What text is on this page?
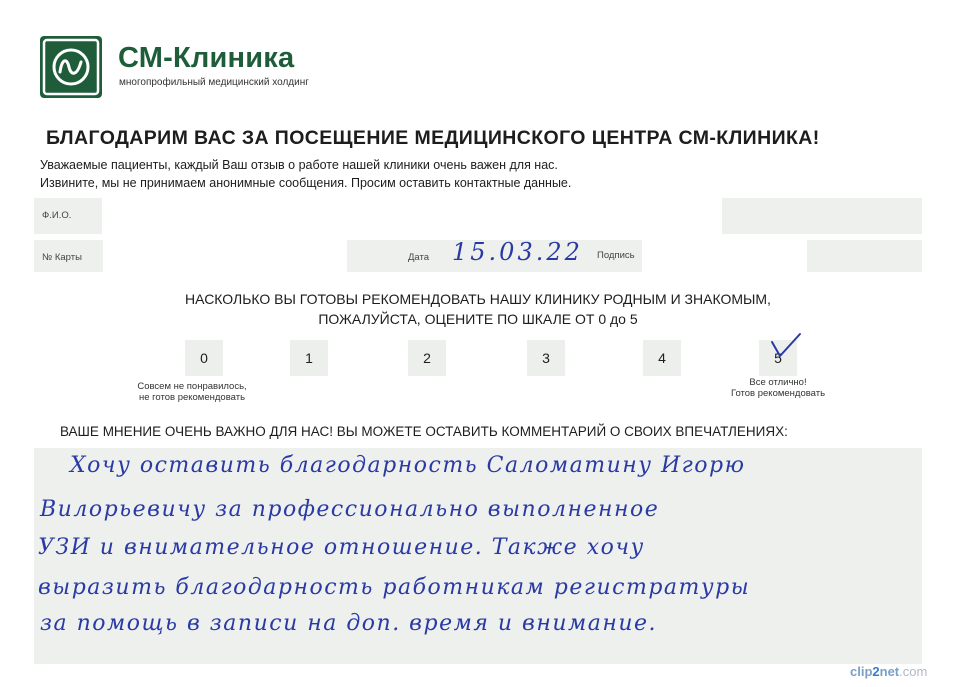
СМ-Клиника
многопрофильный медицинский холдинг
БЛАГОДАРИМ ВАС ЗА ПОСЕЩЕНИЕ МЕДИЦИНСКОГО ЦЕНТРА СМ-КЛИНИКА!
Уважаемые пациенты, каждый Ваш отзыв о работе нашей клиники очень важен для нас.
Извините, мы не принимаем анонимные сообщения. Просим оставить контактные данные.
Ф.И.О.
№ Карты	Дата 15.03.22 Подпись
НАСКОЛЬКО ВЫ ГОТОВЫ РЕКОМЕНДОВАТЬ НАШУ КЛИНИКУ РОДНЫМ И ЗНАКОМЫМ,
ПОЖАЛУЙСТА, ОЦЕНИТЕ ПО ШКАЛЕ ОТ 0 до 5
0	1	2	3	4	5
Совсем не понравилось,
не готов рекомендовать
Все отлично!
Готов рекомендовать
ВАШЕ МНЕНИЕ ОЧЕНЬ ВАЖНО ДЛЯ НАС! ВЫ МОЖЕТЕ ОСТАВИТЬ КОММЕНТАРИЙ О СВОИХ ВПЕЧАТЛЕНИЯХ:
Хочу оставить благодарность Саломатину Игорю
Вилорьевичу за профессионально выполненное
УЗИ и внимательное отношение. Также хочу
выразить благодарность работникам регистратуры
за помощь в записи на доп. время и внимание.
clip2net.com
